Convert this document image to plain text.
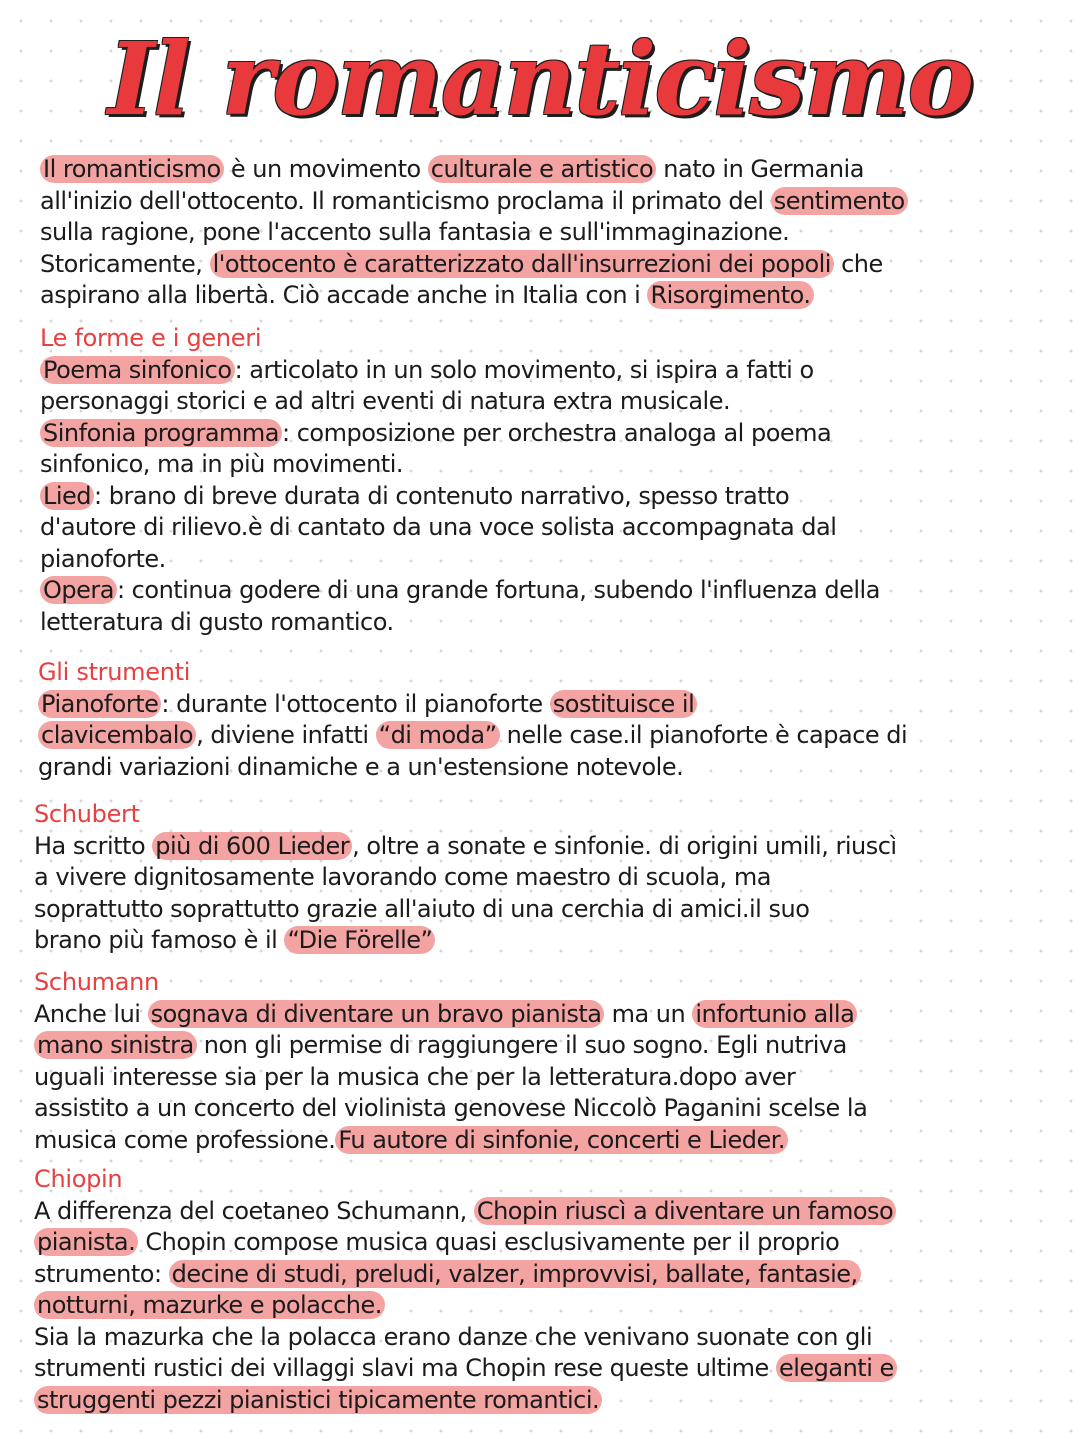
Il romanticismo
Il romanticismo è un movimento culturale e artistico nato in Germania
all'inizio dell'ottocento. Il romanticismo proclama il primato del sentimento
sulla ragione, pone l'accento sulla fantasia e sull'immaginazione.
Storicamente, l'ottocento è caratterizzato dall'insurrezioni dei popoli che
aspirano alla libertà. Ciò accade anche in Italia con i Risorgimento.
Le forme e i generi
Poema sinfonico : articolato in un solo movimento, si ispira a fatti o
personaggi storici e ad altri eventi di natura extra musicale.
Sinfonia programma : composizione per orchestra analoga al poema
sinfonico, ma in più movimenti.
Lied : brano di breve durata di contenuto narrativo, spesso tratto
d'autore di rilievo.è di cantato da una voce solista accompagnata dal
pianoforte.
Opera : continua godere di una grande fortuna, subendo l'influenza della
letteratura di gusto romantico.
Gli strumenti
Pianoforte : durante l'ottocento il pianoforte sostituisce il
clavicembalo , diviene infatti “di moda” nelle case.il pianoforte è capace di
grandi variazioni dinamiche e a un'estensione notevole.
Schubert
Ha scritto più di 600 Lieder , oltre a sonate e sinfonie. di origini umili, riuscì
a vivere dignitosamente lavorando come maestro di scuola, ma
soprattutto soprattutto grazie all'aiuto di una cerchia di amici.il suo
brano più famoso è il “Die Förelle”
Schumann
Anche lui sognava di diventare un bravo pianista ma un infortunio alla
mano sinistra non gli permise di raggiungere il suo sogno. Egli nutriva
uguali interesse sia per la musica che per la letteratura.dopo aver
assistito a un concerto del violinista genovese Niccolò Paganini scelse la
musica come professione. Fu autore di sinfonie, concerti e Lieder.
Chiopin
A differenza del coetaneo Schumann, Chopin riuscì a diventare un famoso
pianista. Chopin compose musica quasi esclusivamente per il proprio
strumento: decine di studi, preludi, valzer, improvvisi, ballate, fantasie,
notturni, mazurke e polacche.
Sia la mazurka che la polacca erano danze che venivano suonate con gli
strumenti rustici dei villaggi slavi ma Chopin rese queste ultime eleganti e
struggenti pezzi pianistici tipicamente romantici.
